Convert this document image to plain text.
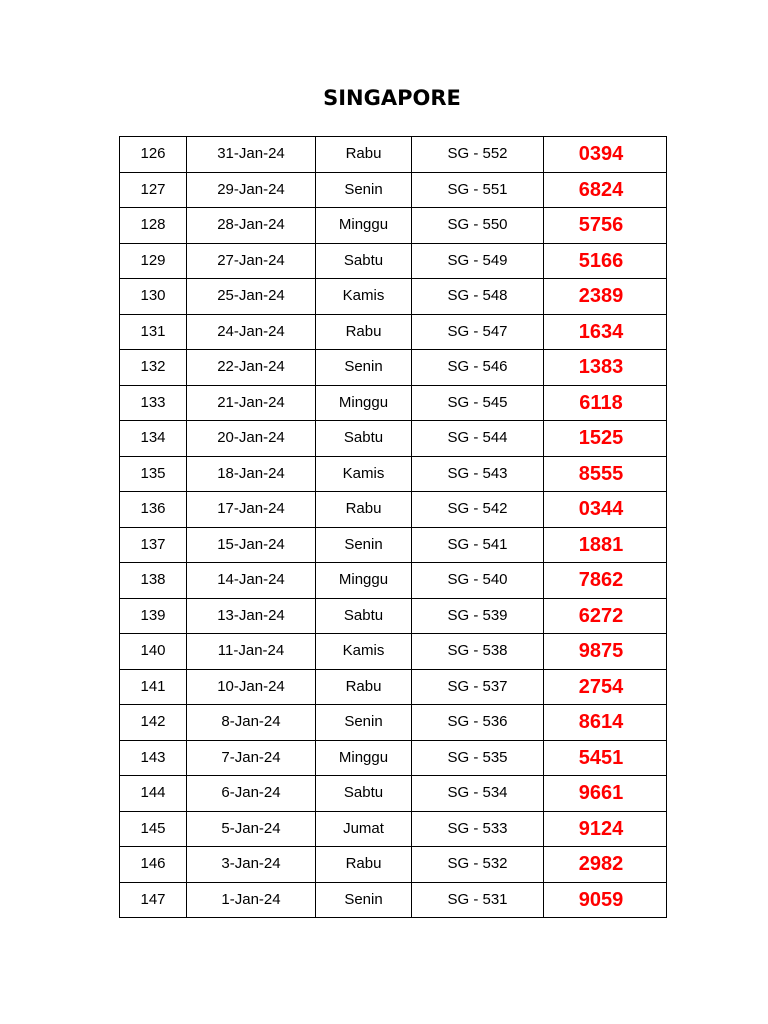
SINGAPORE
126	31-Jan-24	Rabu	SG - 552	0394
127	29-Jan-24	Senin	SG - 551	6824
128	28-Jan-24	Minggu	SG - 550	5756
129	27-Jan-24	Sabtu	SG - 549	5166
130	25-Jan-24	Kamis	SG - 548	2389
131	24-Jan-24	Rabu	SG - 547	1634
132	22-Jan-24	Senin	SG - 546	1383
133	21-Jan-24	Minggu	SG - 545	6118
134	20-Jan-24	Sabtu	SG - 544	1525
135	18-Jan-24	Kamis	SG - 543	8555
136	17-Jan-24	Rabu	SG - 542	0344
137	15-Jan-24	Senin	SG - 541	1881
138	14-Jan-24	Minggu	SG - 540	7862
139	13-Jan-24	Sabtu	SG - 539	6272
140	11-Jan-24	Kamis	SG - 538	9875
141	10-Jan-24	Rabu	SG - 537	2754
142	8-Jan-24	Senin	SG - 536	8614
143	7-Jan-24	Minggu	SG - 535	5451
144	6-Jan-24	Sabtu	SG - 534	9661
145	5-Jan-24	Jumat	SG - 533	9124
146	3-Jan-24	Rabu	SG - 532	2982
147	1-Jan-24	Senin	SG - 531	9059
